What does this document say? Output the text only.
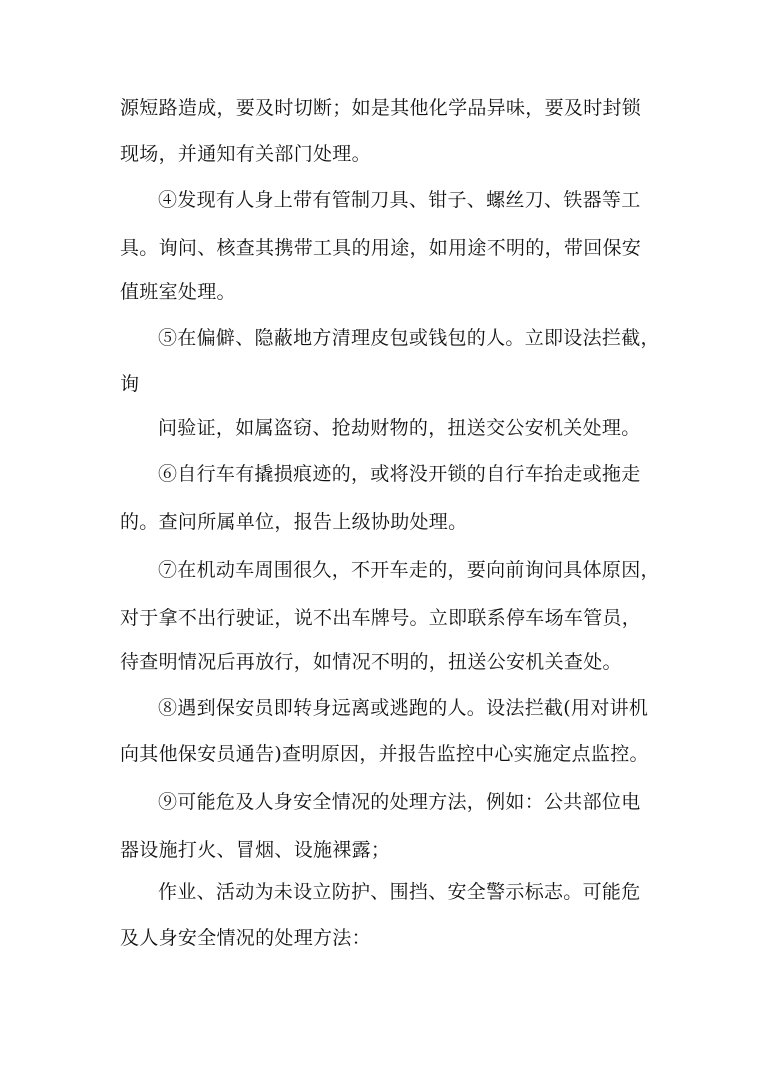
源短路造成，要及时切断；如是其他化学品异味，要及时封锁
现场，并通知有关部门处理。
④发现有人身上带有管制刀具、钳子、螺丝刀、铁器等工
具。询问、核查其携带工具的用途，如用途不明的，带回保安
值班室处理。
⑤在偏僻、隐蔽地方清理皮包或钱包的人。立即设法拦截，
询
问验证，如属盗窃、抢劫财物的，扭送交公安机关处理。
⑥自行车有撬损痕迹的，或将没开锁的自行车抬走或拖走
的。查问所属单位，报告上级协助处理。
⑦在机动车周围很久，不开车走的，要向前询问具体原因，
对于拿不出行驶证，说不出车牌号。立即联系停车场车管员，
待查明情况后再放行，如情况不明的，扭送公安机关查处。
⑧遇到保安员即转身远离或逃跑的人。设法拦截(用对讲机
向其他保安员通告)查明原因，并报告监控中心实施定点监控。
⑨可能危及人身安全情况的处理方法，例如：公共部位电
器设施打火、冒烟、设施裸露；
作业、活动为未设立防护、围挡、安全警示标志。可能危
及人身安全情况的处理方法：
